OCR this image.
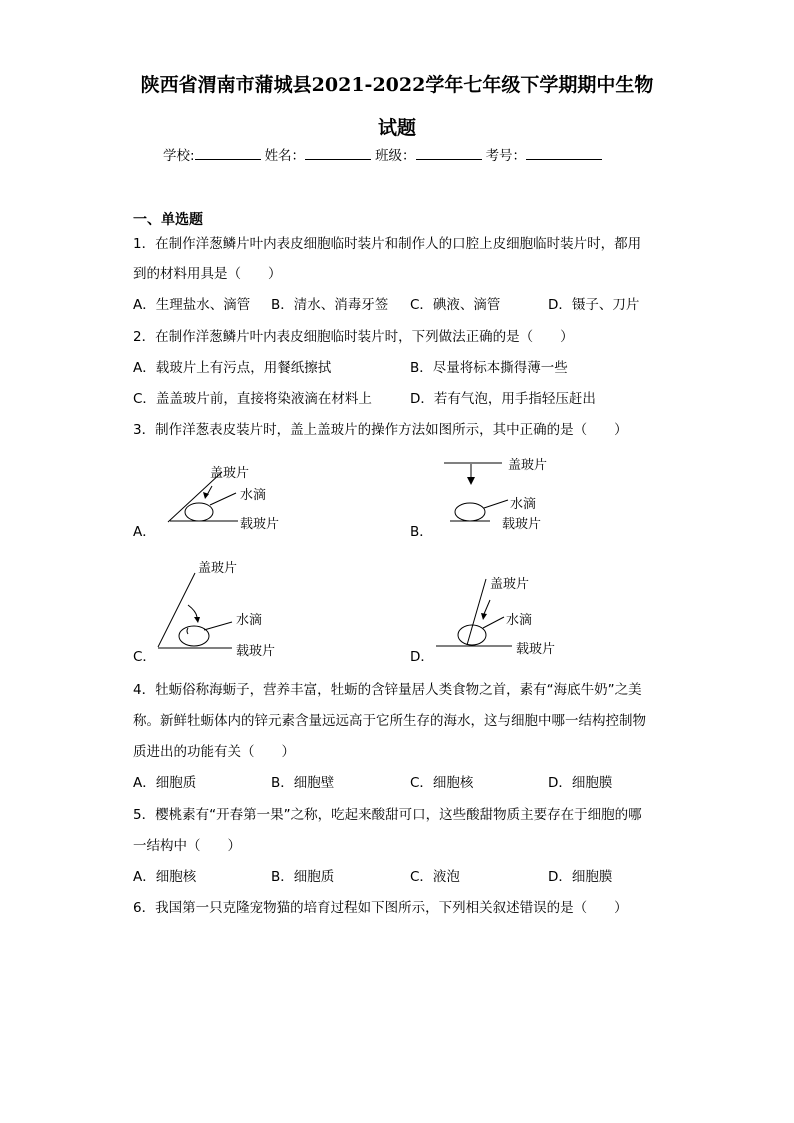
陕西省渭南市蒲城县2021-2022学年七年级下学期期中生物
试题
学校:	姓名：	班级：	考号：
一、单选题
1．在制作洋葱鳞片叶内表皮细胞临时装片和制作人的口腔上皮细胞临时装片时，都用
到的材料用具是（　　）
A．生理盐水、滴管 B．清水、消毒牙签 C．碘液、滴管	D．镊子、刀片
2．在制作洋葱鳞片叶内表皮细胞临时装片时，下列做法正确的是（　　）
A．载玻片上有污点，用餐纸擦拭	B．尽量将标本撕得薄一些
C．盖盖玻片前，直接将染液滴在材料上	D．若有气泡，用手指轻压赶出
3．制作洋葱表皮装片时，盖上盖玻片的操作方法如图所示，其中正确的是（　　）
A．
盖玻片
水滴
载玻片	B．
盖玻片
水滴
载玻片
C．
盖玻片
水滴
载玻片	D．
盖玻片
水滴
载玻片
4．牡蛎俗称海蛎子，营养丰富，牡蛎的含锌量居人类食物之首，素有“海底牛奶”之美
称。新鲜牡蛎体内的锌元素含量远远高于它所生存的海水，这与细胞中哪一结构控制物
质进出的功能有关（　　）
A．细胞质	B．细胞壁	C．细胞核	D．细胞膜
5．樱桃素有“开春第一果”之称，吃起来酸甜可口，这些酸甜物质主要存在于细胞的哪
一结构中（　　）
A．细胞核	B．细胞质	C．液泡	D．细胞膜
6．我国第一只克隆宠物猫的培育过程如下图所示，下列相关叙述错误的是（　　）
